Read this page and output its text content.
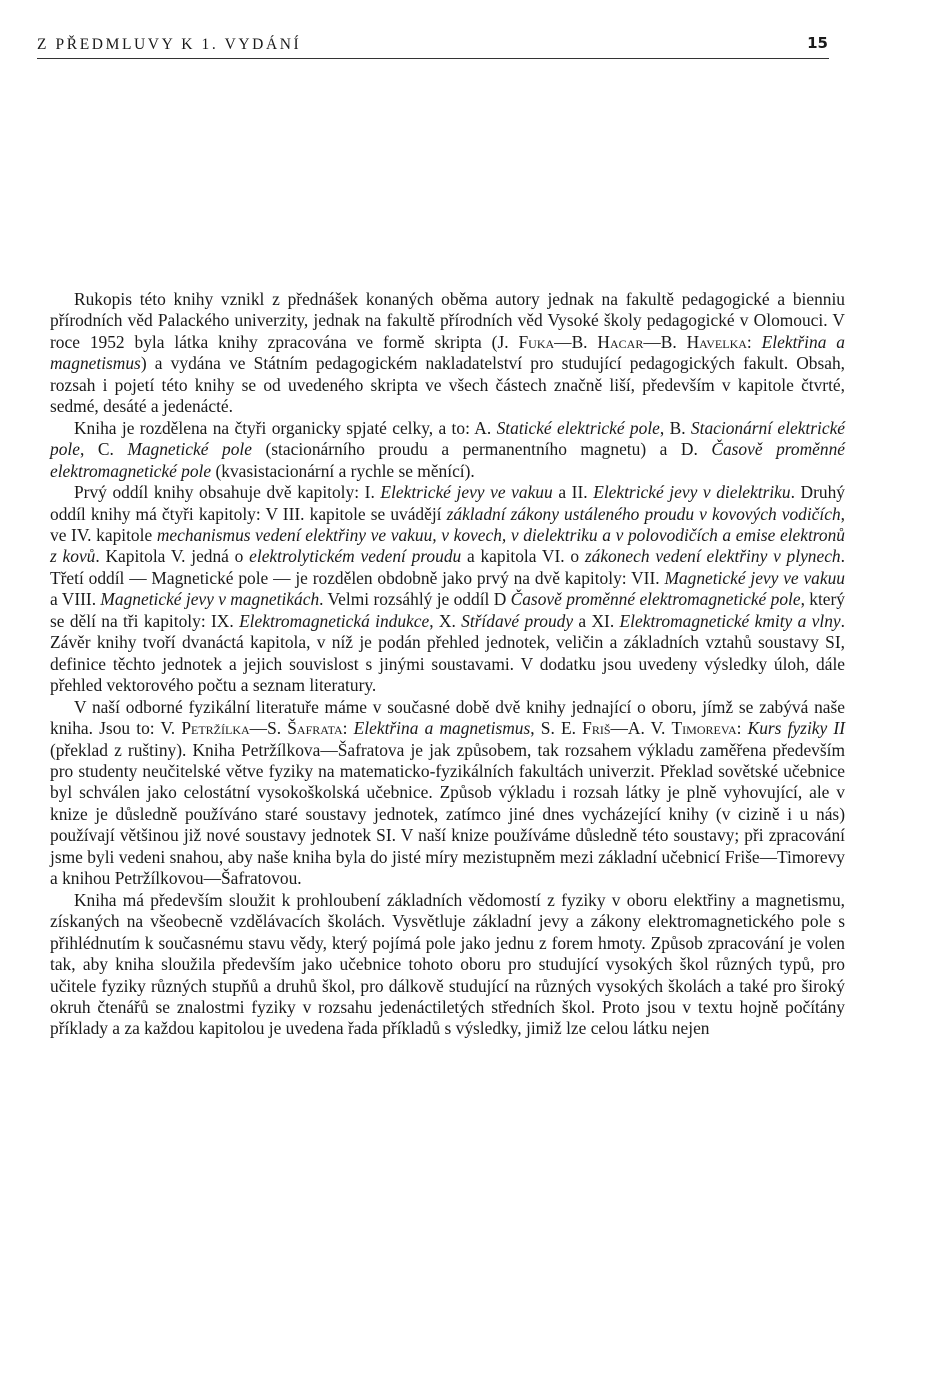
Z PŘEDMLUVY K 1. VYDÁNÍ	15

Rukopis této knihy vznikl z přednášek konaných oběma autory jednak na fakultě pedagogické a bienniu přírodních věd Palackého univerzity, jednak na fakultě přírodních věd Vysoké školy pedagogické v Olomouci. V roce 1952 byla látka knihy zpracována ve formě skripta (J. Fuka—B. Hacar—B. Havelka: Elektřina a magnetismus) a vydána ve Státním pedagogickém nakladatelství pro studující pedagogických fakult. Obsah, rozsah i pojetí této knihy se od uvedeného skripta ve všech částech značně liší, především v kapitole čtvrté, sedmé, desáté a jedenácté.

Kniha je rozdělena na čtyři organicky spjaté celky, a to: A. Statické elektrické pole, B. Stacionární elektrické pole, C. Magnetické pole (stacionárního proudu a permanentního magnetu) a D. Časově proměnné elektromagnetické pole (kvasistacionární a rychle se měnící).

Prvý oddíl knihy obsahuje dvě kapitoly: I. Elektrické jevy ve vakuu a II. Elektrické jevy v dielektriku. Druhý oddíl knihy má čtyři kapitoly: V III. kapitole se uvádějí základní zákony ustáleného proudu v kovových vodičích, ve IV. kapitole mechanismus vedení elektřiny ve vakuu, v kovech, v dielektriku a v polovodičích a emise elektronů z kovů. Kapitola V. jedná o elektrolytickém vedení proudu a kapitola VI. o zákonech vedení elektřiny v plynech. Třetí oddíl — Magnetické pole — je rozdělen obdobně jako prvý na dvě kapitoly: VII. Magnetické jevy ve vakuu a VIII. Magnetické jevy v magnetikách. Velmi rozsáhlý je oddíl D Časově proměnné elektromagnetické pole, který se dělí na tři kapitoly: IX. Elektromagnetická indukce, X. Střídavé proudy a XI. Elektromagnetické kmity a vlny. Závěr knihy tvoří dvanáctá kapitola, v níž je podán přehled jednotek, veličin a základních vztahů soustavy SI, definice těchto jednotek a jejich souvislost s jinými soustavami. V dodatku jsou uvedeny výsledky úloh, dále přehled vektorového počtu a seznam literatury.

V naší odborné fyzikální literatuře máme v současné době dvě knihy jednající o oboru, jímž se zabývá naše kniha. Jsou to: V. Petržílka—S. Šafrata: Elektřina a magnetismus, S. E. Friš—A. V. Timoreva: Kurs fyziky II (překlad z ruštiny). Kniha Petržílkova—Šafratova je jak způsobem, tak rozsahem výkladu zaměřena především pro studenty neučitelské větve fyziky na matematicko-fyzikálních fakultách univerzit. Překlad sovětské učebnice byl schválen jako celostátní vysokoškolská učebnice. Způsob výkladu i rozsah látky je plně vyhovující, ale v knize je důsledně používáno staré soustavy jednotek, zatímco jiné dnes vycházející knihy (v cizině i u nás) používají většinou již nové soustavy jednotek SI. V naší knize používáme důsledně této soustavy; při zpracování jsme byli vedeni snahou, aby naše kniha byla do jisté míry mezistupněm mezi základní učebnicí Friše—Timorevy a knihou Petržílkovou—Šafratovou.

Kniha má především sloužit k prohloubení základních vědomostí z fyziky v oboru elektřiny a magnetismu, získaných na všeobecně vzdělávacích školách. Vysvětluje základní jevy a zákony elektromagnetického pole s přihlédnutím k současnému stavu vědy, který pojímá pole jako jednu z forem hmoty. Způsob zpracování je volen tak, aby kniha sloužila především jako učebnice tohoto oboru pro studující vysokých škol různých typů, pro učitele fyziky různých stupňů a druhů škol, pro dálkově studující na různých vysokých školách a také pro široký okruh čtenářů se znalostmi fyziky v rozsahu jedenáctiletých středních škol. Proto jsou v textu hojně počítány příklady a za každou kapitolou je uvedena řada příkladů s výsledky, jimiž lze celou látku nejen
